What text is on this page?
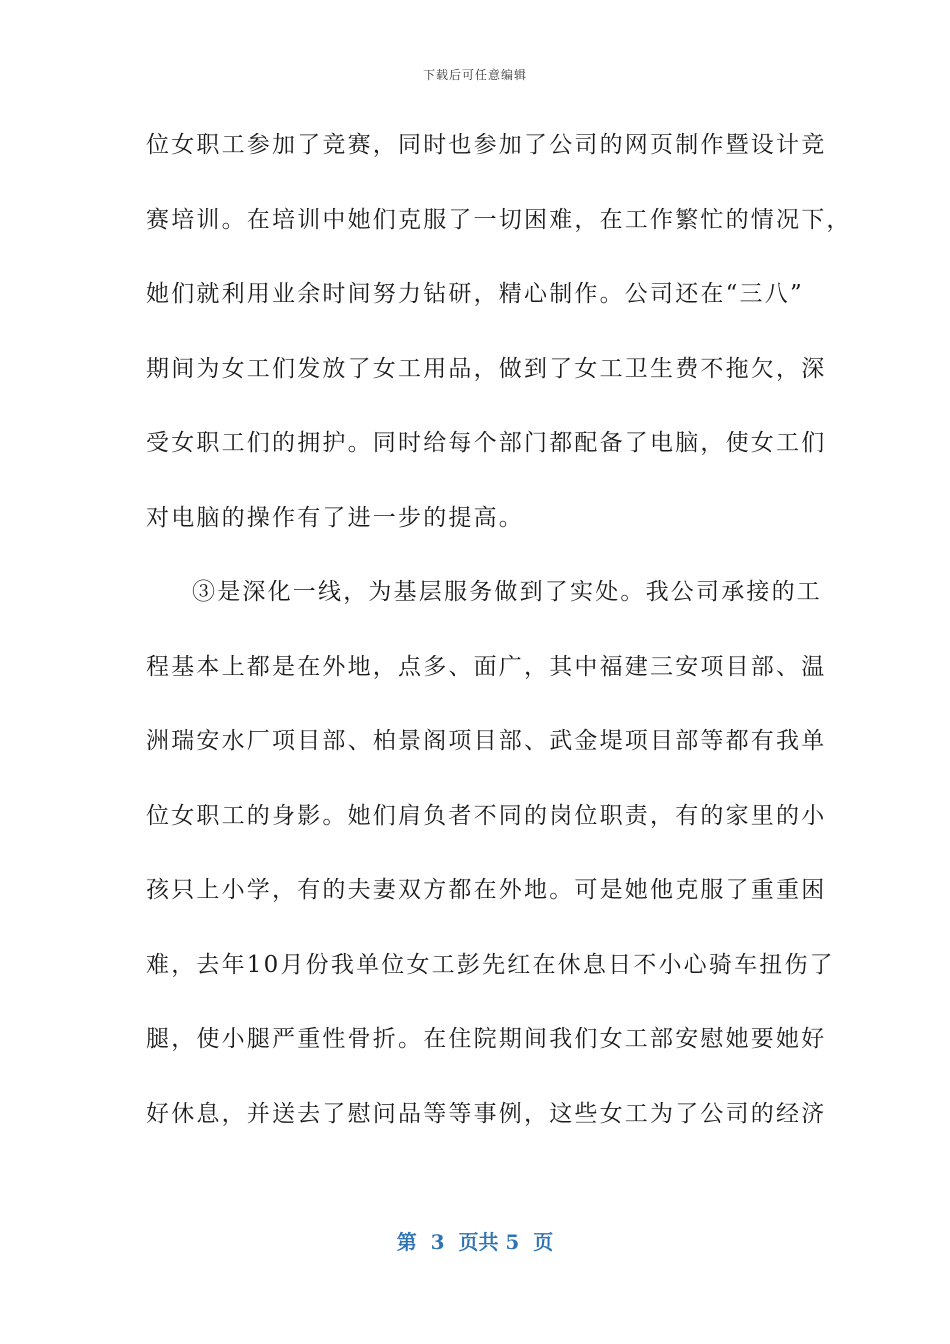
下载后可任意编辑
位女职工参加了竞赛，同时也参加了公司的网页制作暨设计竞
赛培训。在培训中她们克服了一切困难，在工作繁忙的情况下，
她们就利用业余时间努力钻研，精心制作。公司还在“三八”
期间为女工们发放了女工用品，做到了女工卫生费不拖欠，深
受女职工们的拥护。同时给每个部门都配备了电脑，使女工们
对电脑的操作有了进一步的提高。
③是深化一线，为基层服务做到了实处。我公司承接的工
程基本上都是在外地，点多、面广，其中福建三安项目部、温
洲瑞安水厂项目部、柏景阁项目部、武金堤项目部等都有我单
位女职工的身影。她们肩负者不同的岗位职责，有的家里的小
孩只上小学，有的夫妻双方都在外地。可是她他克服了重重困
难，去年10月份我单位女工彭先红在休息日不小心骑车扭伤了
腿，使小腿严重性骨折。在住院期间我们女工部安慰她要她好
好休息，并送去了慰问品等等事例，这些女工为了公司的经济
第  3  页共 5  页
